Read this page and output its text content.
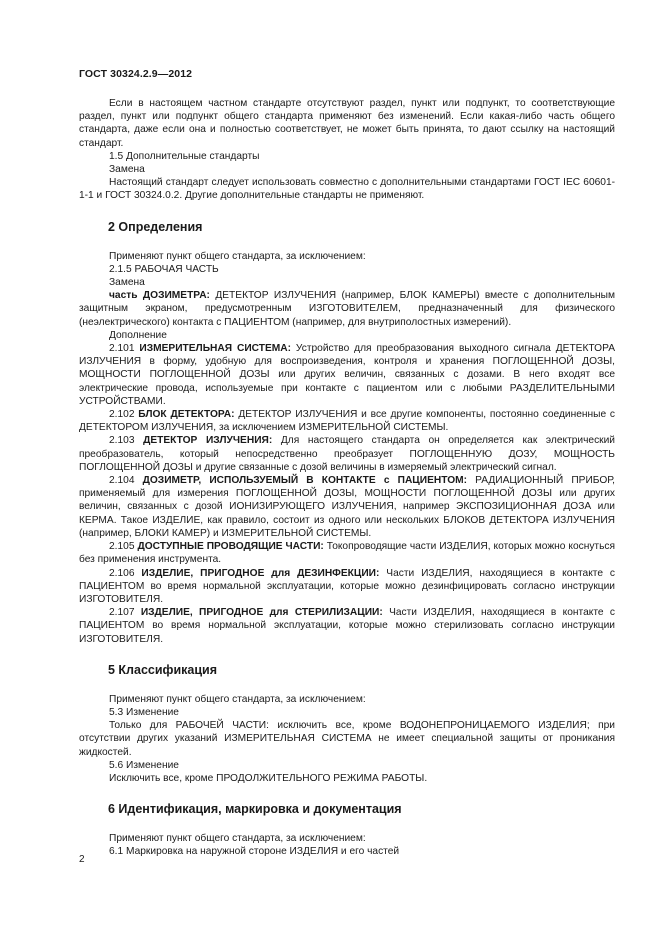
ГОСТ 30324.2.9—2012

Если в настоящем частном стандарте отсутствуют раздел, пункт или подпункт, то соответствующие раздел, пункт или подпункт общего стандарта применяют без изменений. Если какая-либо часть общего стандарта, даже если она и полностью соответствует, не может быть принята, то дают ссылку на настоящий стандарт.

1.5 Дополнительные стандарты

Замена

Настоящий стандарт следует использовать совместно с дополнительными стандартами ГОСТ IEC 60601-1-1 и ГОСТ 30324.0.2. Другие дополнительные стандарты не применяют.

2 Определения

Применяют пункт общего стандарта, за исключением:

2.1.5 РАБОЧАЯ ЧАСТЬ

Замена

часть ДОЗИМЕТРА: ДЕТЕКТОР ИЗЛУЧЕНИЯ (например, БЛОК КАМЕРЫ) вместе с дополнительным защитным экраном, предусмотренным ИЗГОТОВИТЕЛЕМ, предназначенный для физического (неэлектрического) контакта с ПАЦИЕНТОМ (например, для внутриполостных измерений).

Дополнение

2.101 ИЗМЕРИТЕЛЬНАЯ СИСТЕМА: Устройство для преобразования выходного сигнала ДЕТЕКТОРА ИЗЛУЧЕНИЯ в форму, удобную для воспроизведения, контроля и хранения ПОГЛОЩЕННОЙ ДОЗЫ, МОЩНОСТИ ПОГЛОЩЕННОЙ ДОЗЫ или других величин, связанных с дозами. В него входят все электрические провода, используемые при контакте с пациентом или с любыми РАЗДЕЛИТЕЛЬНЫМИ УСТРОЙСТВАМИ.

2.102 БЛОК ДЕТЕКТОРА: ДЕТЕКТОР ИЗЛУЧЕНИЯ и все другие компоненты, постоянно соединенные с ДЕТЕКТОРОМ ИЗЛУЧЕНИЯ, за исключением ИЗМЕРИТЕЛЬНОЙ СИСТЕМЫ.

2.103 ДЕТЕКТОР ИЗЛУЧЕНИЯ: Для настоящего стандарта он определяется как электрический преобразователь, который непосредственно преобразует ПОГЛОЩЕННУЮ ДОЗУ, МОЩНОСТЬ ПОГЛОЩЕННОЙ ДОЗЫ и другие связанные с дозой величины в измеряемый электрический сигнал.

2.104 ДОЗИМЕТР, ИСПОЛЬЗУЕМЫЙ В КОНТАКТЕ с ПАЦИЕНТОМ: РАДИАЦИОННЫЙ ПРИБОР, применяемый для измерения ПОГЛОЩЕННОЙ ДОЗЫ, МОЩНОСТИ ПОГЛОЩЕННОЙ ДОЗЫ или других величин, связанных с дозой ИОНИЗИРУЮЩЕГО ИЗЛУЧЕНИЯ, например ЭКСПОЗИЦИОННАЯ ДОЗА или КЕРМА. Такое ИЗДЕЛИЕ, как правило, состоит из одного или нескольких БЛОКОВ ДЕТЕКТОРА ИЗЛУЧЕНИЯ (например, БЛОКИ КАМЕР) и ИЗМЕРИТЕЛЬНОЙ СИСТЕМЫ.

2.105 ДОСТУПНЫЕ ПРОВОДЯЩИЕ ЧАСТИ: Токопроводящие части ИЗДЕЛИЯ, которых можно коснуться без применения инструмента.

2.106 ИЗДЕЛИЕ, ПРИГОДНОЕ для ДЕЗИНФЕКЦИИ: Части ИЗДЕЛИЯ, находящиеся в контакте с ПАЦИЕНТОМ во время нормальной эксплуатации, которые можно дезинфицировать согласно инструкции ИЗГОТОВИТЕЛЯ.

2.107 ИЗДЕЛИЕ, ПРИГОДНОЕ для СТЕРИЛИЗАЦИИ: Части ИЗДЕЛИЯ, находящиеся в контакте с ПАЦИЕНТОМ во время нормальной эксплуатации, которые можно стерилизовать согласно инструкции ИЗГОТОВИТЕЛЯ.

5 Классификация

Применяют пункт общего стандарта, за исключением:

5.3 Изменение

Только для РАБОЧЕЙ ЧАСТИ: исключить все, кроме ВОДОНЕПРОНИЦАЕМОГО ИЗДЕЛИЯ; при отсутствии других указаний ИЗМЕРИТЕЛЬНАЯ СИСТЕМА не имеет специальной защиты от проникания жидкостей.

5.6 Изменение

Исключить все, кроме ПРОДОЛЖИТЕЛЬНОГО РЕЖИМА РАБОТЫ.

6 Идентификация, маркировка и документация

Применяют пункт общего стандарта, за исключением:

6.1 Маркировка на наружной стороне ИЗДЕЛИЯ и его частей

2
